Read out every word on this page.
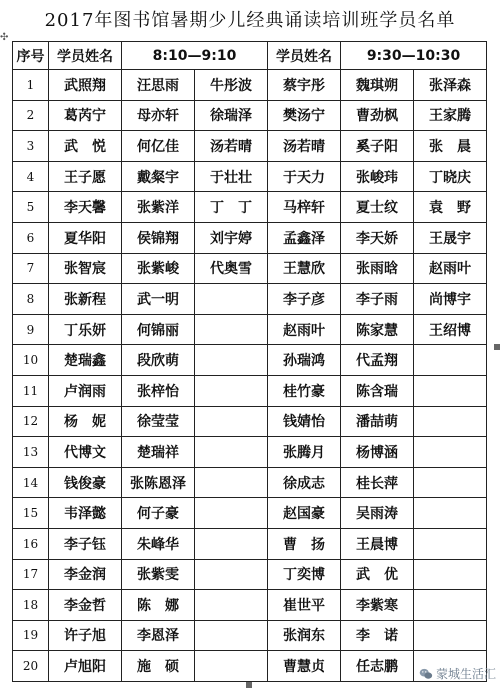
2017年图书馆暑期少儿经典诵读培训班学员名单
✣
序号	学员姓名	8:10—9:10		学员姓名	9:30—10:30	
1	武照翔	汪思雨	牛彤波	蔡宇彤	魏琪朔	张泽森
2	葛芮宁	母亦轩	徐瑞泽	樊汤宁	曹劲枫	王家腾
3	武　悦	何亿佳	汤若晴	汤若晴	奚子阳	张　晨
4	王子愿	戴粲宇	于壮壮	于天力	张峻玮	丁晓庆
5	李天馨	张紫洋	丁　丁	马梓轩	夏士纹	袁　野
6	夏华阳	侯锦翔	刘宇婷	孟鑫泽	李天娇	王晟宇
7	张智宸	张紫峻	代奥雪	王慧欣	张雨晗	赵雨叶
8	张新程	武一明		李子彦	李子雨	尚博宇
9	丁乐妍	何锦丽		赵雨叶	陈家慧	王绍博
10	楚瑞鑫	段欣萌		孙瑞鸿	代孟翔	
11	卢润雨	张梓怡		桂竹豪	陈含瑞	
12	杨　妮	徐莹莹		钱婧怡	潘喆萌	
13	代博文	楚瑞祥		张腾月	杨博涵	
14	钱俊豪	张陈恩泽		徐成志	桂长萍	
15	韦泽懿	何子豪		赵国豪	吴雨涛	
16	李子钰	朱峰华		曹　扬	王晨博	
17	李金润	张紫雯		丁奕博	武　优	
18	李金哲	陈　娜		崔世平	李紫寒	
19	许子旭	李恩泽		张润东	李　诺	
20	卢旭阳	施　硕		曹慧贞	任志鹏		蒙城生活汇
